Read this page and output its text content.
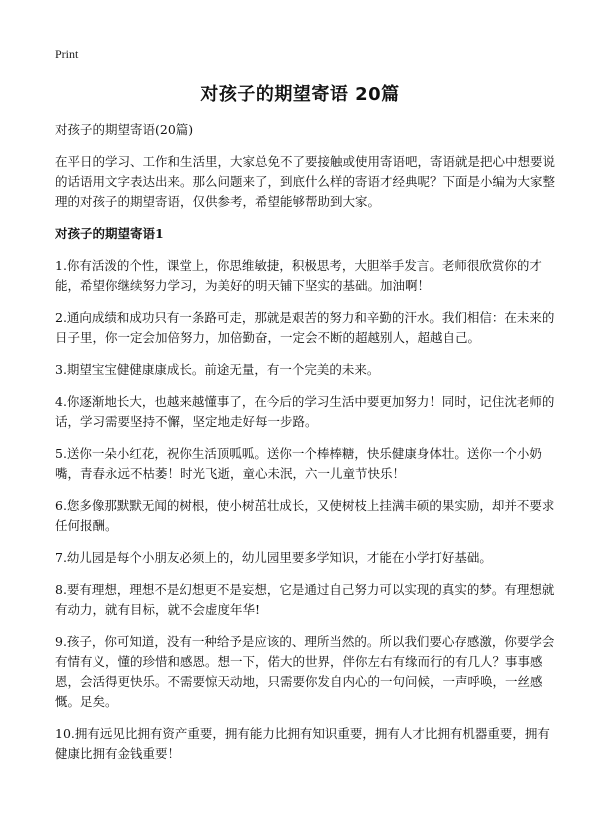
Print
对孩子的期望寄语 20篇

对孩子的期望寄语(20篇)

在平日的学习、工作和生活里，大家总免不了要接触或使用寄语吧，寄语就是把心中想要说的话语用文字表达出来。那么问题来了，到底什么样的寄语才经典呢？下面是小编为大家整理的对孩子的期望寄语，仅供参考，希望能够帮助到大家。

对孩子的期望寄语1

1.你有活泼的个性，课堂上，你思维敏捷，积极思考，大胆举手发言。老师很欣赏你的才能，希望你继续努力学习，为美好的明天铺下坚实的基础。加油啊！

2.通向成绩和成功只有一条路可走，那就是艰苦的努力和辛勤的汗水。我们相信：在未来的日子里，你一定会加倍努力，加倍勤奋，一定会不断的超越别人，超越自己。

3.期望宝宝健健康康成长。前途无量，有一个完美的未来。

4.你逐渐地长大，也越来越懂事了，在今后的学习生活中要更加努力！同时，记住沈老师的话，学习需要坚持不懈，坚定地走好每一步路。

5.送你一朵小红花，祝你生活顶呱呱。送你一个棒棒糖，快乐健康身体壮。送你一个小奶嘴，青春永远不枯萎！时光飞逝，童心未泯，六一儿童节快乐！

6.您多像那默默无闻的树根，使小树茁壮成长，又使树枝上挂满丰硕的果实励，却并不要求任何报酬。

7.幼儿园是每个小朋友必须上的，幼儿园里要多学知识，才能在小学打好基础。

8.要有理想，理想不是幻想更不是妄想，它是通过自己努力可以实现的真实的梦。有理想就有动力，就有目标，就不会虚度年华!

9.孩子，你可知道，没有一种给予是应该的、理所当然的。所以我们要心存感激，你要学会有情有义，懂的珍惜和感恩。想一下，偌大的世界，伴你左右有缘而行的有几人？事事感恩，会活得更快乐。不需要惊天动地，只需要你发自内心的一句问候，一声呼唤，一丝感慨。足矣。

10.拥有远见比拥有资产重要，拥有能力比拥有知识重要，拥有人才比拥有机器重要，拥有健康比拥有金钱重要！
